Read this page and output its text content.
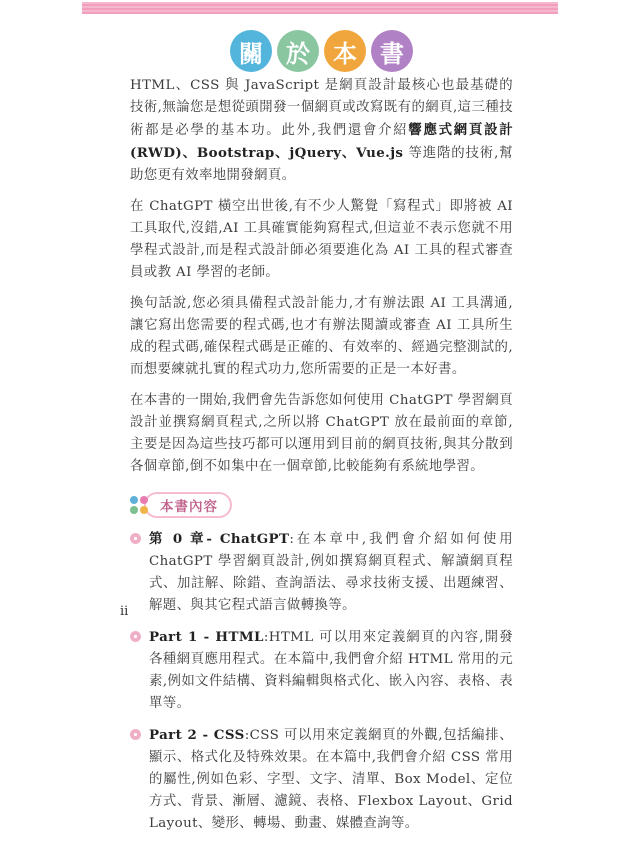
關 於 本 書

HTML、CSS 與 JavaScript 是網頁設計最核心也最基礎的技術,無論您是想從頭開發一個網頁或改寫既有的網頁,這三種技術都是必學的基本功。此外,我們還會介紹響應式網頁設計 (RWD)、Bootstrap、jQuery、Vue.js 等進階的技術,幫助您更有效率地開發網頁。

在 ChatGPT 橫空出世後,有不少人驚覺「寫程式」即將被 AI 工具取代,沒錯,AI 工具確實能夠寫程式,但這並不表示您就不用學程式設計,而是程式設計師必須要進化為 AI 工具的程式審查員或教 AI 學習的老師。

換句話說,您必須具備程式設計能力,才有辦法跟 AI 工具溝通,讓它寫出您需要的程式碼,也才有辦法閱讀或審查 AI 工具所生成的程式碼,確保程式碼是正確的、有效率的、經過完整測試的,而想要練就扎實的程式功力,您所需要的正是一本好書。

在本書的一開始,我們會先告訴您如何使用 ChatGPT 學習網頁設計並撰寫網頁程式,之所以將 ChatGPT 放在最前面的章節,主要是因為這些技巧都可以運用到目前的網頁技術,與其分散到各個章節,倒不如集中在一個章節,比較能夠有系統地學習。

本書內容
第 0 章- ChatGPT:在本章中,我們會介紹如何使用 ChatGPT 學習網頁設計,例如撰寫網頁程式、解讀網頁程式、加註解、除錯、查詢語法、尋求技術支援、出題練習、解題、與其它程式語言做轉換等。
Part 1 - HTML:HTML 可以用來定義網頁的內容,開發各種網頁應用程式。在本篇中,我們會介紹 HTML 常用的元素,例如文件結構、資料編輯與格式化、嵌入內容、表格、表單等。
Part 2 - CSS:CSS 可以用來定義網頁的外觀,包括編排、顯示、格式化及特殊效果。在本篇中,我們會介紹 CSS 常用的屬性,例如色彩、字型、文字、清單、Box Model、定位方式、背景、漸層、濾鏡、表格、Flexbox Layout、Grid Layout、變形、轉場、動畫、媒體查詢等。
ii
